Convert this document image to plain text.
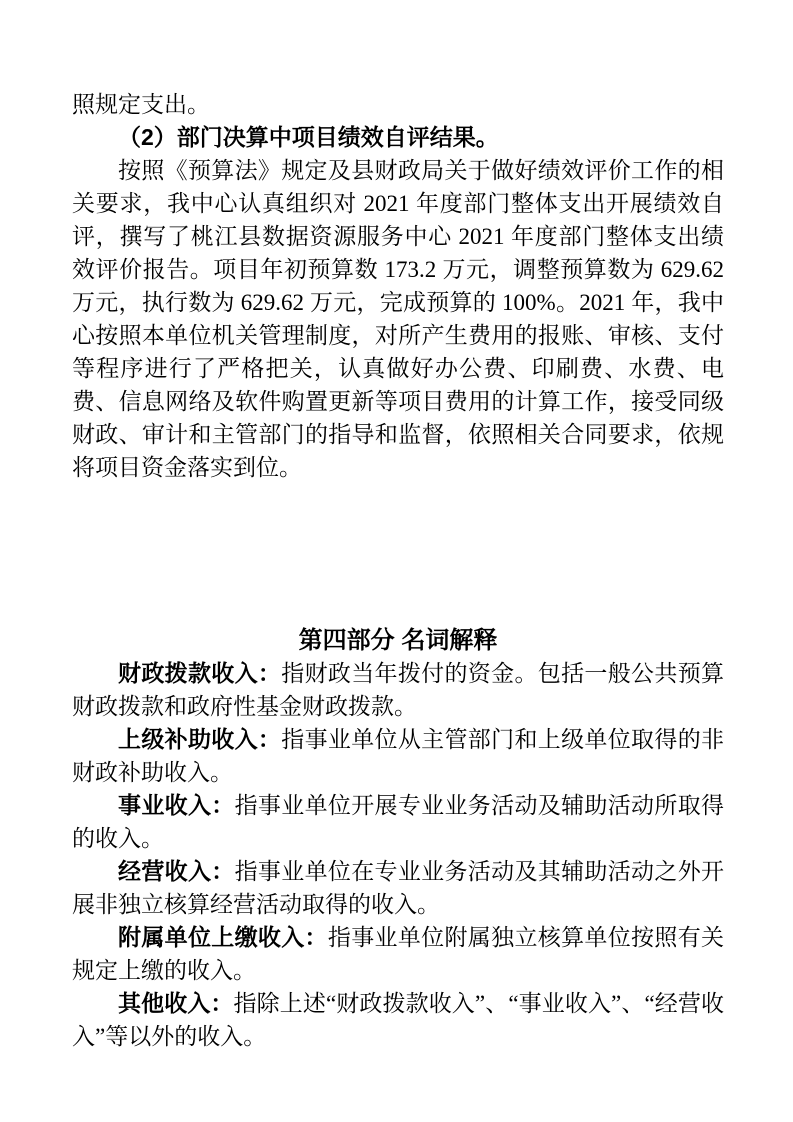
照规定支出。

（2）部门决算中项目绩效自评结果。

按照《预算法》规定及县财政局关于做好绩效评价工作的相关要求，我中心认真组织对 2021 年度部门整体支出开展绩效自评，撰写了桃江县数据资源服务中心 2021 年度部门整体支出绩效评价报告。项目年初预算数 173.2 万元，调整预算数为 629.62 万元，执行数为 629.62 万元，完成预算的 100%。2021 年，我中心按照本单位机关管理制度，对所产生费用的报账、审核、支付等程序进行了严格把关，认真做好办公费、印刷费、水费、电费、信息网络及软件购置更新等项目费用的计算工作，接受同级财政、审计和主管部门的指导和监督，依照相关合同要求，依规将项目资金落实到位。

第四部分 名词解释

财政拨款收入：指财政当年拨付的资金。包括一般公共预算财政拨款和政府性基金财政拨款。

上级补助收入：指事业单位从主管部门和上级单位取得的非财政补助收入。

事业收入：指事业单位开展专业业务活动及辅助活动所取得的收入。

经营收入：指事业单位在专业业务活动及其辅助活动之外开展非独立核算经营活动取得的收入。

附属单位上缴收入：指事业单位附属独立核算单位按照有关规定上缴的收入。

其他收入：指除上述“财政拨款收入”、“事业收入”、“经营收入”等以外的收入。
